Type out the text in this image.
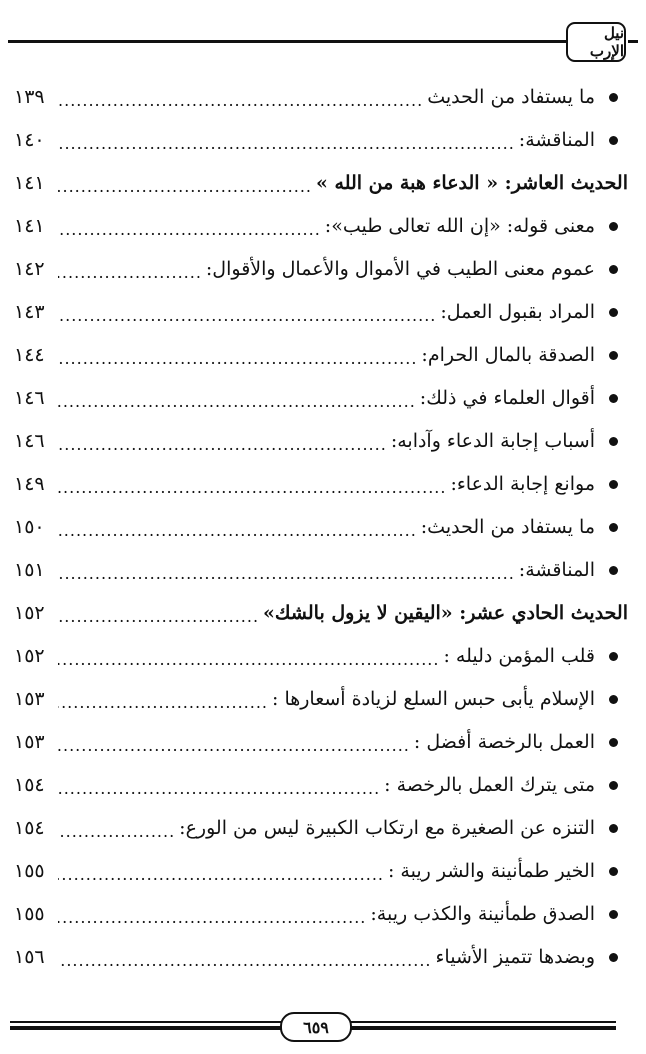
نيل الإرب
ما يستفاد من الحديث
.....
١٣٩
المناقشة:
.....
١٤٠
الحديث العاشر: « الدعاء هبة من الله »
.....
١٤١
معنى قوله: «إن الله تعالى طيب»:
.....
١٤١
عموم معنى الطيب في الأموال والأعمال والأقوال:
.....
١٤٢
المراد بقبول العمل:
.....
١٤٣
الصدقة بالمال الحرام:
.....
١٤٤
أقوال العلماء في ذلك:
.....
١٤٦
أسباب إجابة الدعاء وآدابه:
.....
١٤٦
موانع إجابة الدعاء:
.....
١٤٩
ما يستفاد من الحديث:
.....
١٥٠
المناقشة:
.....
١٥١
الحديث الحادي عشر: «اليقين لا يزول بالشك»
.....
١٥٢
قلب المؤمن دليله :
.....
١٥٢
الإسلام يأبى حبس السلع لزيادة أسعارها :
.....
١٥٣
العمل بالرخصة أفضل :
.....
١٥٣
متى يترك العمل بالرخصة :
.....
١٥٤
التنزه عن الصغيرة مع ارتكاب الكبيرة ليس من الورع:
.....
١٥٤
الخير طمأنينة والشر ريبة :
.....
١٥٥
الصدق طمأنينة والكذب ريبة:
.....
١٥٥
وبضدها تتميز الأشياء
.....
١٥٦
٦٥٩
